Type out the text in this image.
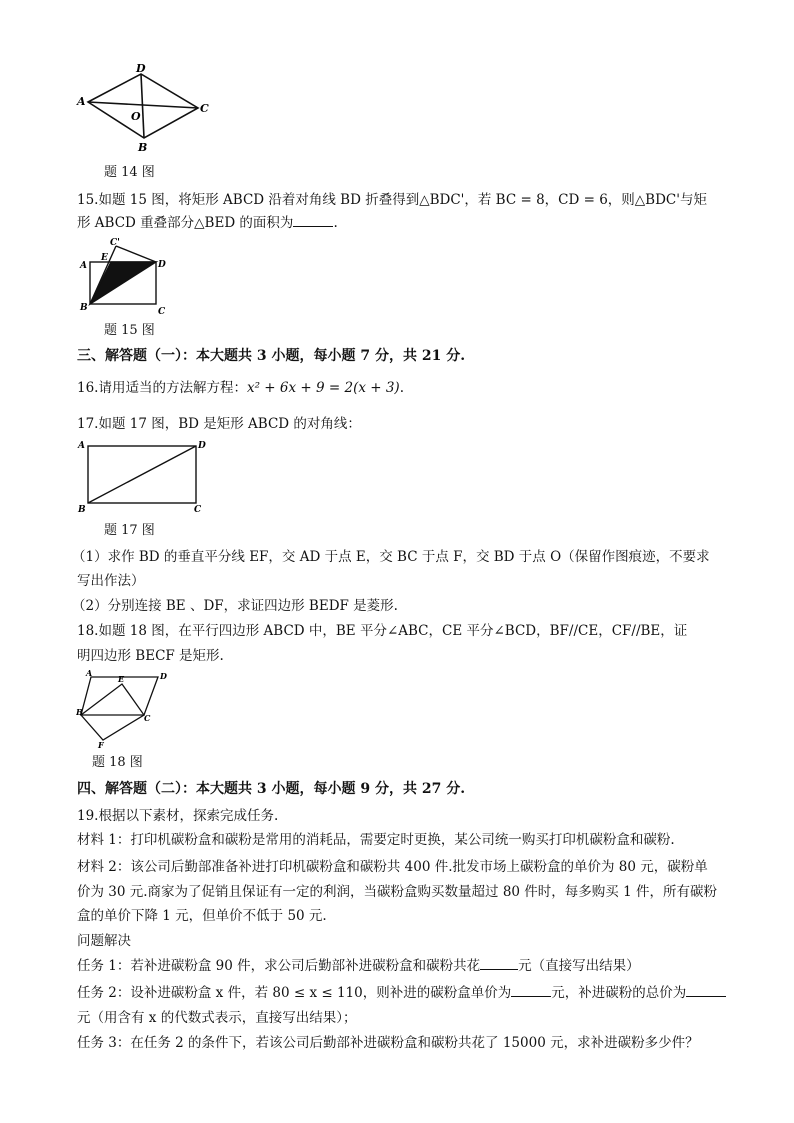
D
A
C
O
B
题 14 图
15.如题 15 图，将矩形 ABCD 沿着对角线 BD 折叠得到△BDC'，若 BC = 8，CD = 6，则△BDC'与矩
形 ABCD 重叠部分△BED 的面积为	.
C'
A
E
D
B	C
题 15 图
三、解答题（一）：本大题共 3 小题，每小题 7 分，共 21 分.
16.请用适当的方法解方程：x² + 6x + 9 = 2(x + 3).
17.如题 17 图，BD 是矩形 ABCD 的对角线：
A	D
B	C
题 17 图
（1）求作 BD 的垂直平分线 EF，交 AD 于点 E，交 BC 于点 F，交 BD 于点 O（保留作图痕迹，不要求
写出作法）
（2）分别连接 BE 、DF，求证四边形 BEDF 是菱形.
18.如题 18 图，在平行四边形 ABCD 中，BE 平分∠ABC，CE 平分∠BCD，BF//CE，CF//BE，证
明四边形 BECF 是矩形.
A
E	D
B
C
F
题 18 图
四、解答题（二）：本大题共 3 小题，每小题 9 分，共 27 分.
19.根据以下素材，探索完成任务.
材料 1：打印机碳粉盒和碳粉是常用的消耗品，需要定时更换，某公司统一购买打印机碳粉盒和碳粉.
材料 2：该公司后勤部准备补进打印机碳粉盒和碳粉共 400 件.批发市场上碳粉盒的单价为 80 元，碳粉单
价为 30 元.商家为了促销且保证有一定的利润，当碳粉盒购买数量超过 80 件时，每多购买 1 件，所有碳粉
盒的单价下降 1 元，但单价不低于 50 元.
问题解决
任务 1：若补进碳粉盒 90 件，求公司后勤部补进碳粉盒和碳粉共花	元（直接写出结果）
任务 2：设补进碳粉盒 x 件，若 80 ≤ x ≤ 110，则补进的碳粉盒单价为	元，补进碳粉的总价为
元（用含有 x 的代数式表示，直接写出结果）；
任务 3：在任务 2 的条件下，若该公司后勤部补进碳粉盒和碳粉共花了 15000 元，求补进碳粉多少件？
